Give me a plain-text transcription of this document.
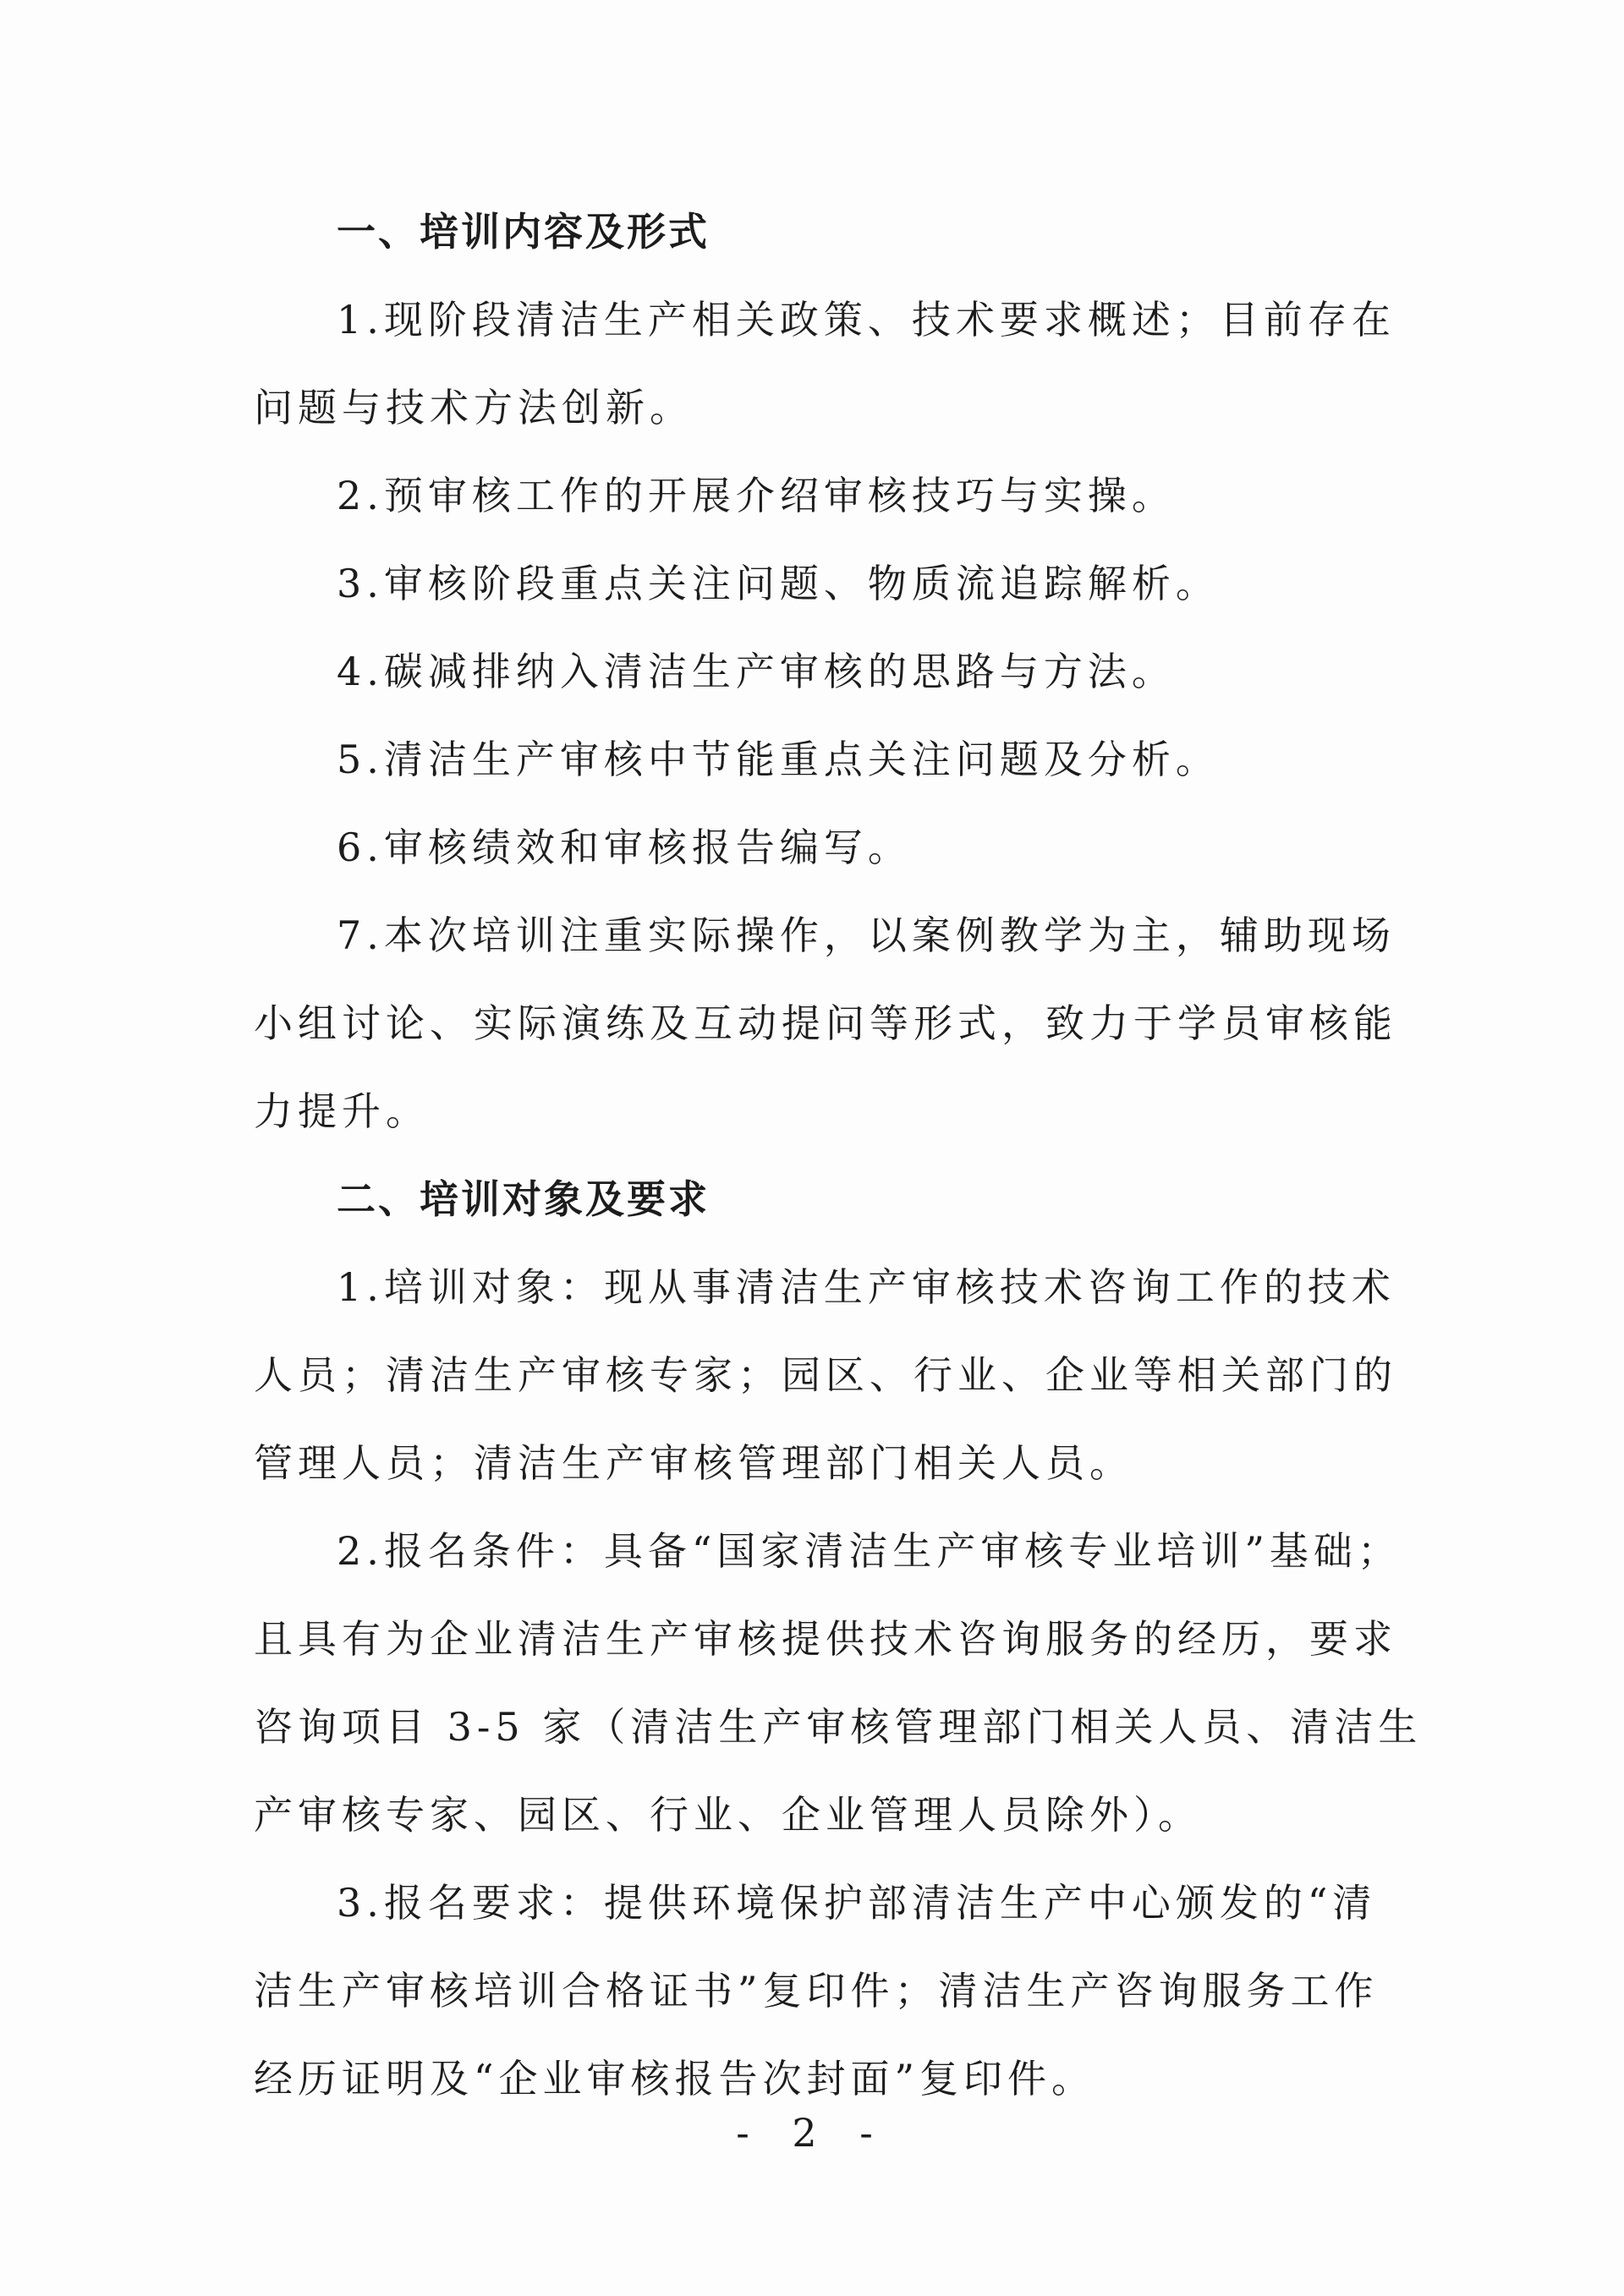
一、培训内容及形式
1.现阶段清洁生产相关政策、技术要求概述；目前存在
问题与技术方法创新。
2.预审核工作的开展介绍审核技巧与实操。
3.审核阶段重点关注问题、物质流追踪解析。
4.碳减排纳入清洁生产审核的思路与方法。
5.清洁生产审核中节能重点关注问题及分析。
6.审核绩效和审核报告编写。
7.本次培训注重实际操作，以案例教学为主，辅助现场
小组讨论、实际演练及互动提问等形式，致力于学员审核能
力提升。
二、培训对象及要求
1.培训对象：现从事清洁生产审核技术咨询工作的技术
人员；清洁生产审核专家；园区、行业、企业等相关部门的
管理人员；清洁生产审核管理部门相关人员。
2.报名条件：具备“国家清洁生产审核专业培训”基础；
且具有为企业清洁生产审核提供技术咨询服务的经历，要求
咨询项目 3-5 家（清洁生产审核管理部门相关人员、清洁生
产审核专家、园区、行业、企业管理人员除外）。
3.报名要求：提供环境保护部清洁生产中心颁发的“清
洁生产审核培训合格证书”复印件；清洁生产咨询服务工作
经历证明及“企业审核报告次封面”复印件。
- 2 -
